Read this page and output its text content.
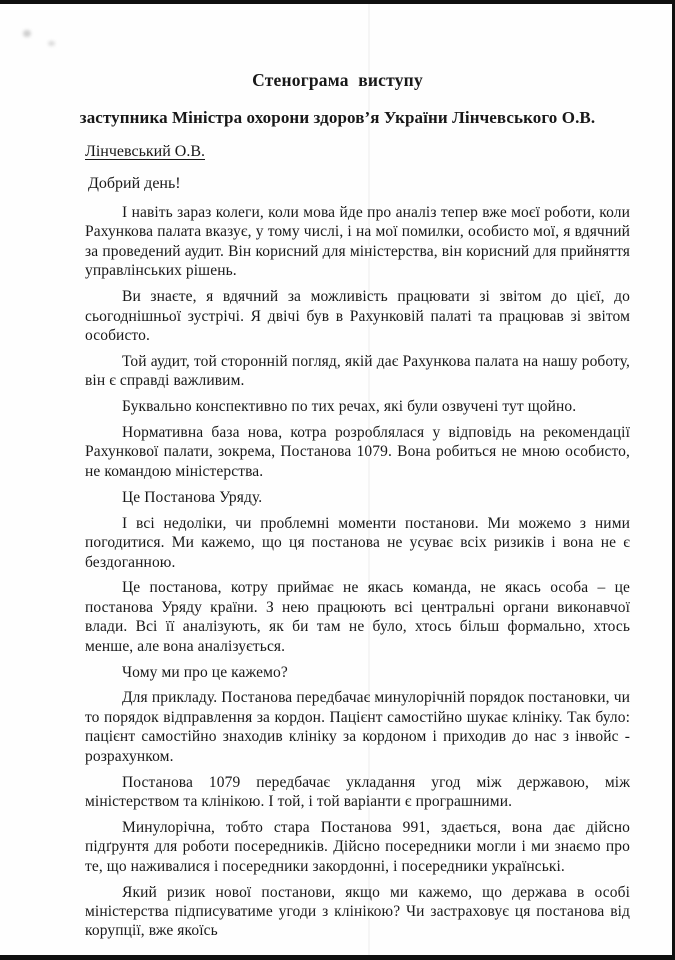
Стенограма виступу
заступника Міністра охорони здоров’я України Лінчевського О.В.
Лінчевський О.В.
Добрий день!

І навіть зараз колеги, коли мова йде про аналіз тепер вже моєї роботи, коли Рахункова палата вказує, у тому числі, і на мої помилки, особисто мої, я вдячний за проведений аудит. Він корисний для міністерства, він корисний для прийняття управлінських рішень.

Ви знаєте, я вдячний за можливість працювати зі звітом до цієї, до сьогоднішньої зустрічі. Я двічі був в Рахунковій палаті та працював зі звітом особисто.

Той аудит, той сторонній погляд, якій дає Рахункова палата на нашу роботу, він є справді важливим.

Буквально конспективно по тих речах, які були озвучені тут щойно.

Нормативна база нова, котра розроблялася у відповідь на рекомендації Рахункової палати, зокрема, Постанова 1079. Вона робиться не мною особисто, не командою міністерства.

Це Постанова Уряду.

І всі недоліки, чи проблемні моменти постанови. Ми можемо з ними погодитися. Ми кажемо, що ця постанова не усуває всіх ризиків і вона не є бездоганною.

Це постанова, котру приймає не якась команда, не якась особа – це постанова Уряду країни. З нею працюють всі центральні органи виконавчої влади. Всі її аналізують, як би там не було, хтось більш формально, хтось менше, але вона аналізується.

Чому ми про це кажемо?

Для прикладу. Постанова передбачає минулорічній порядок постановки, чи то порядок відправлення за кордон. Пацієнт самостійно шукає клініку. Так було: пацієнт самостійно знаходив клініку за кордоном і приходив до нас з інвойс - розрахунком.

Постанова 1079 передбачає укладання угод між державою, між міністерством та клінікою. І той, і той варіанти є програшними.

Минулорічна, тобто стара Постанова 991, здається, вона дає дійсно підґрунтя для роботи посередників. Дійсно посередники могли і ми знаємо про те, що наживалися і посередники закордонні, і посередники українські.

Який ризик нової постанови, якщо ми кажемо, що держава в особі міністерства підписуватиме угоди з клінікою? Чи застраховує ця постанова від корупції, вже якоїсь
